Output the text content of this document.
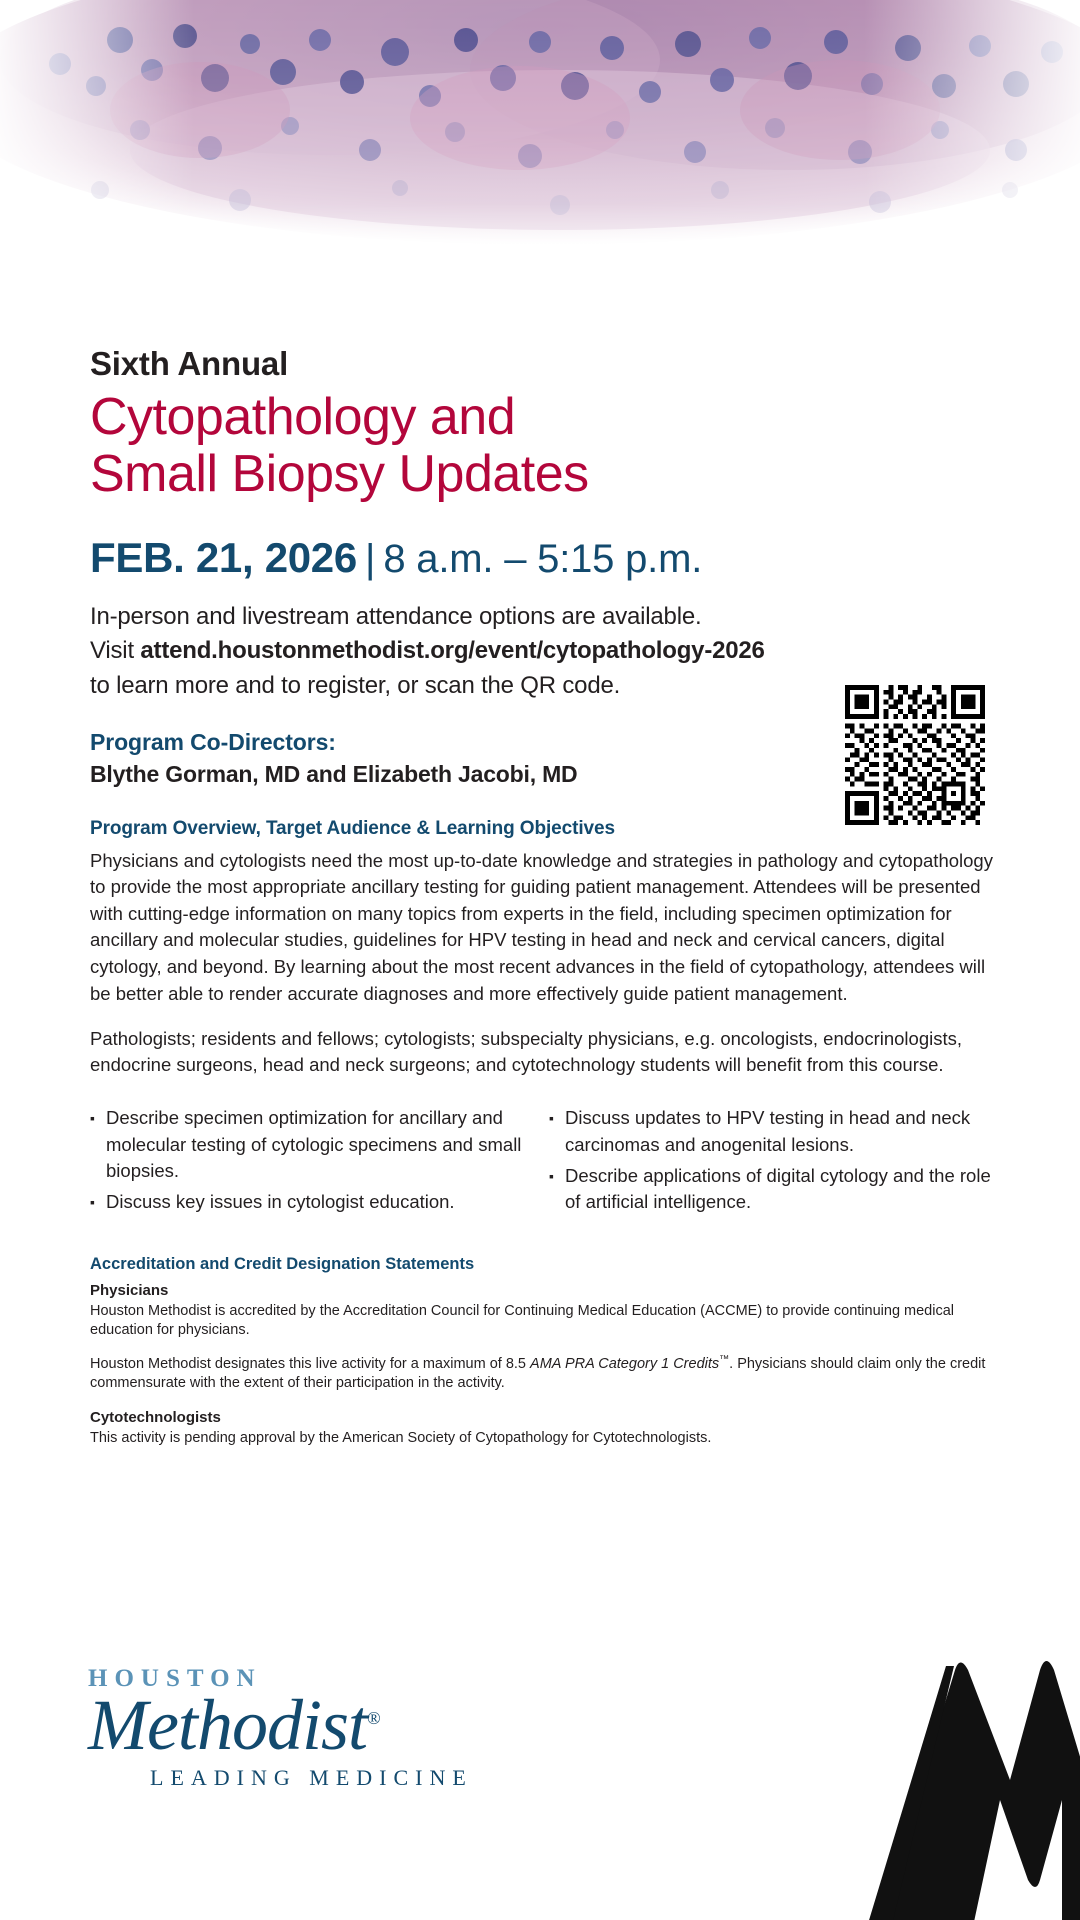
Sixth Annual
Cytopathology and
Small Biopsy Updates
FEB. 21, 2026 | 8 a.m. – 5:15 p.m.
In-person and livestream attendance options are available.
Visit attend.houstonmethodist.org/event/cytopathology-2026
to learn more and to register, or scan the QR code.
Program Co-Directors:
Blythe Gorman, MD and Elizabeth Jacobi, MD
Program Overview, Target Audience & Learning Objectives

Physicians and cytologists need the most up-to-date knowledge and strategies in pathology and cytopathology to provide the most appropriate ancillary testing for guiding patient management. Attendees will be presented with cutting-edge information on many topics from experts in the field, including specimen optimization for ancillary and molecular studies, guidelines for HPV testing in head and neck and cervical cancers, digital cytology, and beyond. By learning about the most recent advances in the field of cytopathology, attendees will be better able to render accurate diagnoses and more effectively guide patient management.

Pathologists; residents and fellows; cytologists; subspecialty physicians, e.g. oncologists, endocrinologists, endocrine surgeons, head and neck surgeons; and cytotechnology students will benefit from this course.

▪ Describe specimen optimization for ancillary and molecular testing of cytologic specimens and small biopsies.
▪ Discuss key issues in cytologist education.
▪ Discuss updates to HPV testing in head and neck carcinomas and anogenital lesions.
▪ Describe applications of digital cytology and the role of artificial intelligence.
Accreditation and Credit Designation Statements
Physicians
Houston Methodist is accredited by the Accreditation Council for Continuing Medical Education (ACCME) to provide continuing medical education for physicians.
Houston Methodist designates this live activity for a maximum of 8.5 AMA PRA Category 1 Credits™. Physicians should claim only the credit commensurate with the extent of their participation in the activity.
Cytotechnologists
This activity is pending approval by the American Society of Cytopathology for Cytotechnologists.
HOUSTON
Methodist®
LEADING MEDICINE
